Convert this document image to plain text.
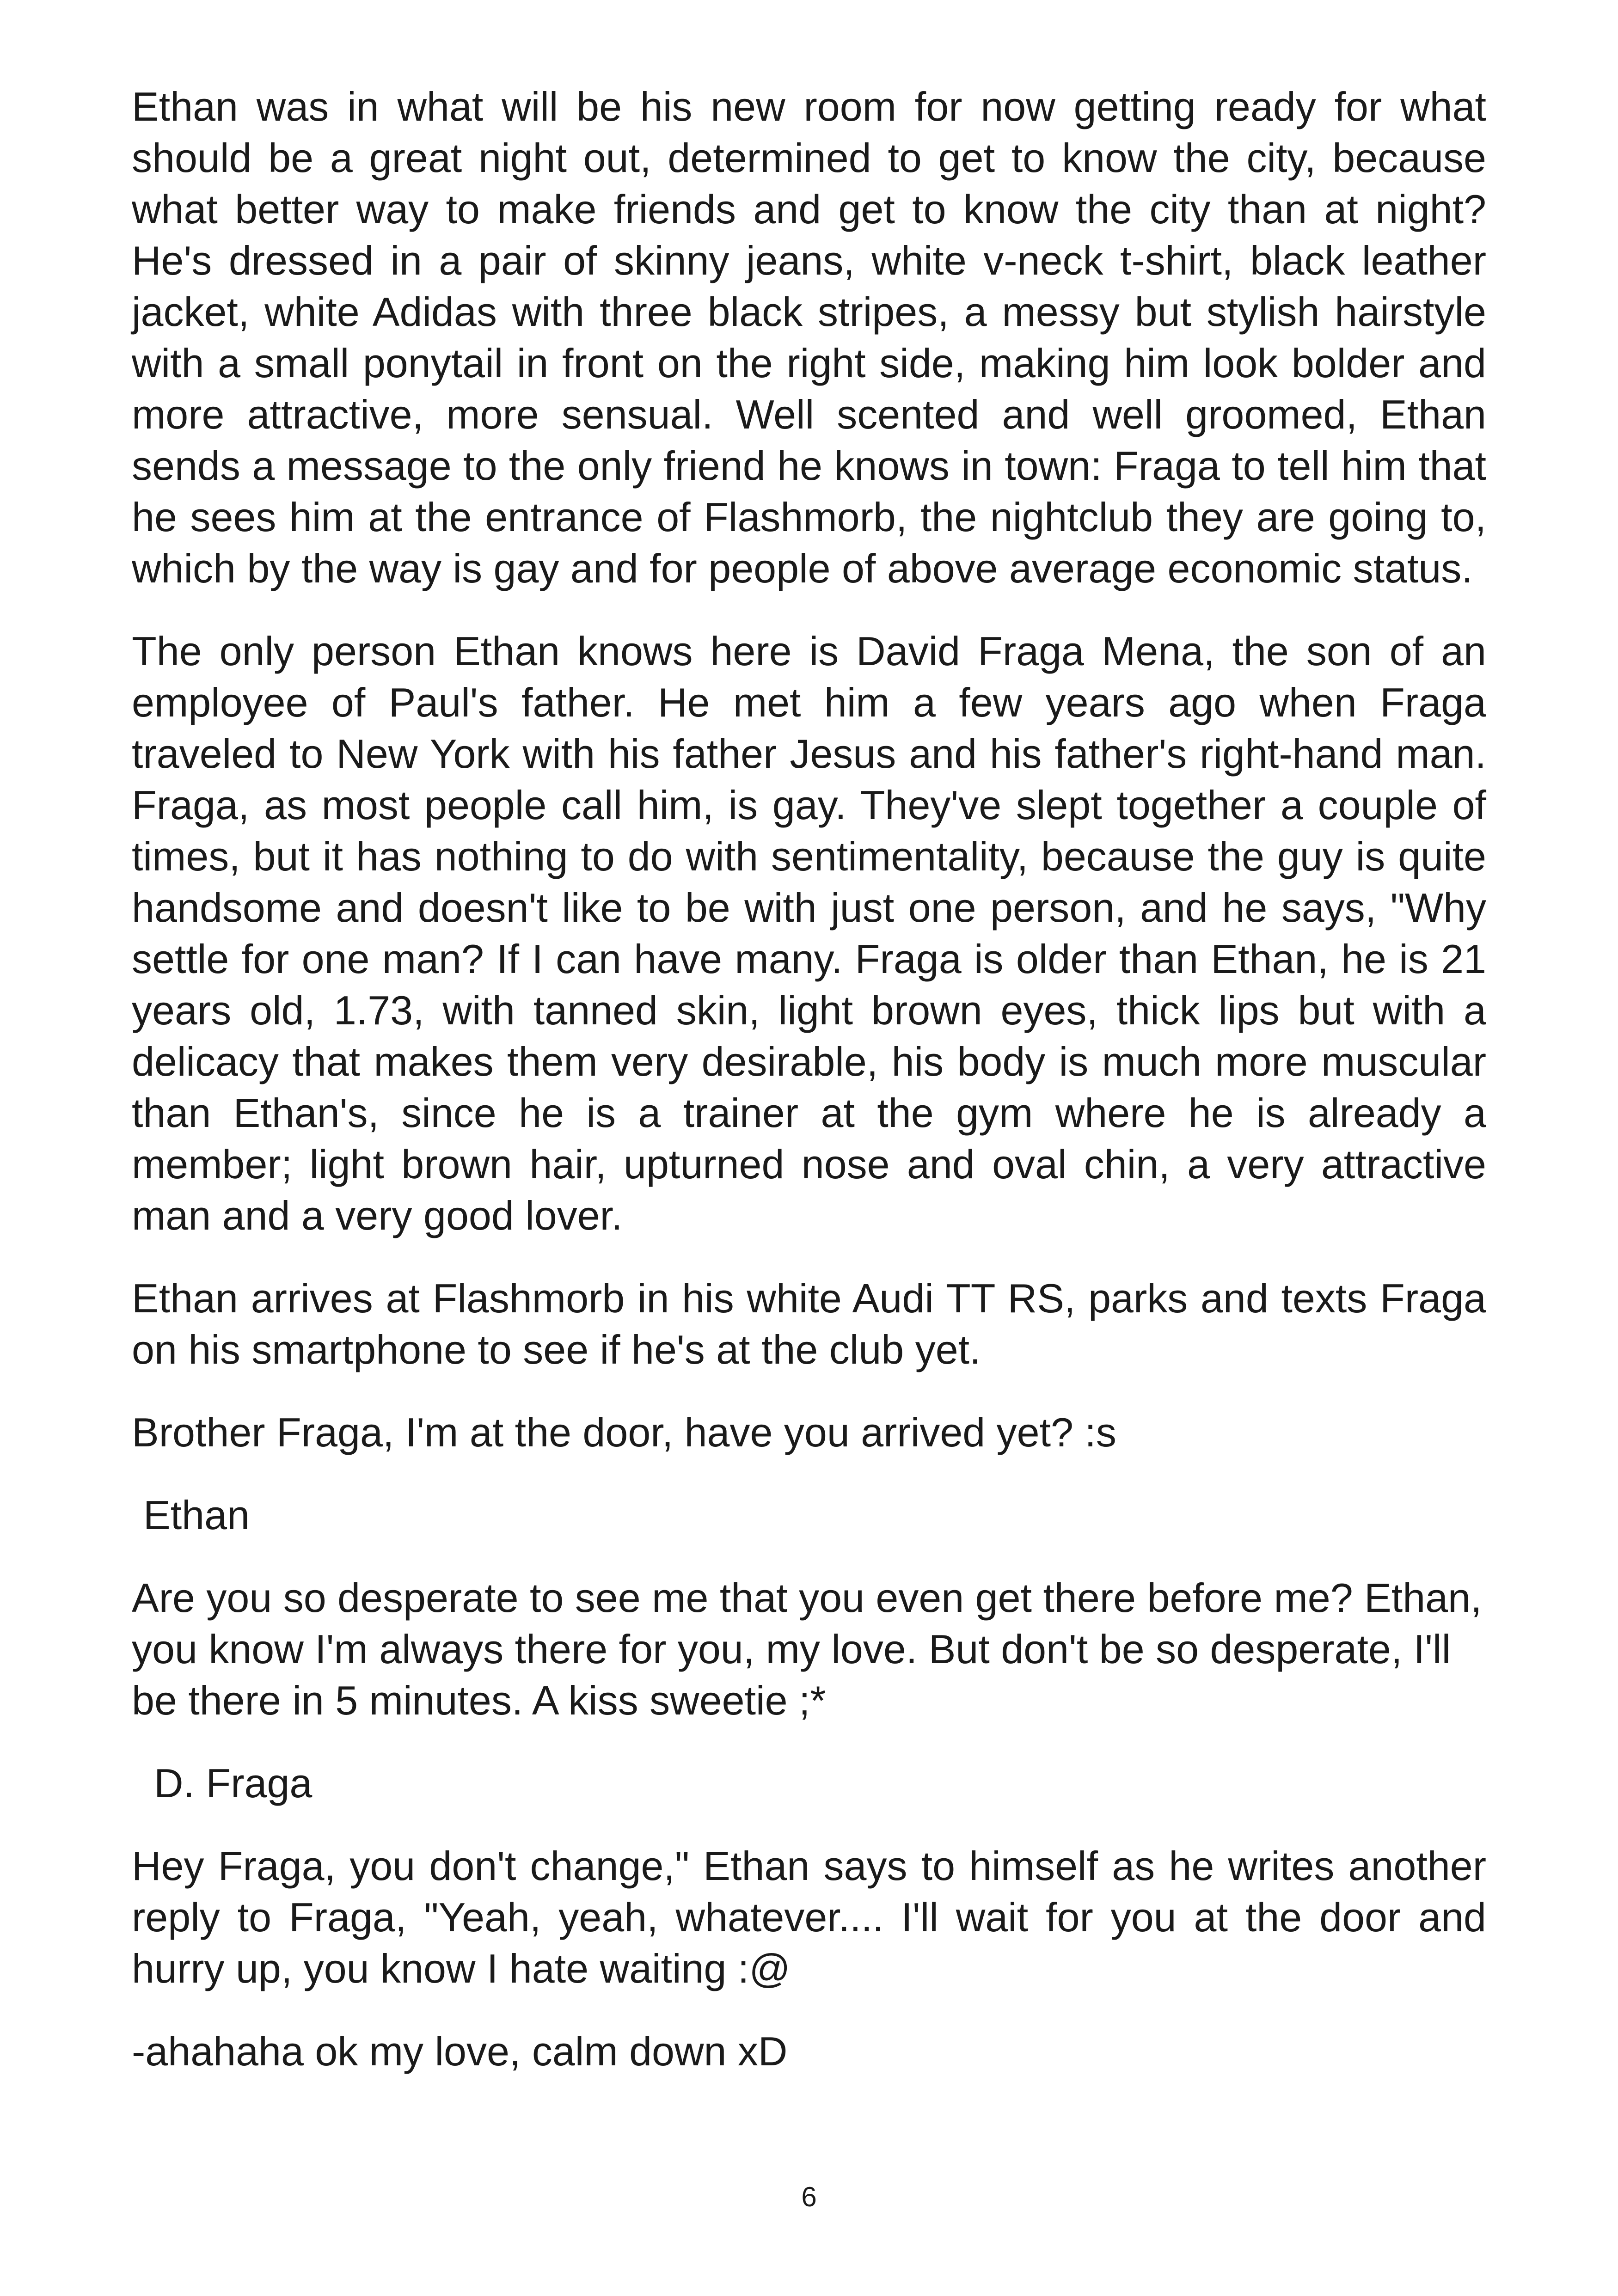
Ethan was in what will be his new room for now getting ready for what should be a great night out, determined to get to know the city, because what better way to make friends and get to know the city than at night? He's dressed in a pair of skinny jeans, white v-neck t-shirt, black leather jacket, white Adidas with three black stripes, a messy but stylish hairstyle with a small ponytail in front on the right side, making him look bolder and more attractive, more sensual. Well scented and well groomed, Ethan sends a message to the only friend he knows in town: Fraga to tell him that he sees him at the entrance of Flashmorb, the nightclub they are going to, which by the way is gay and for people of above average economic status.

The only person Ethan knows here is David Fraga Mena, the son of an employee of Paul's father. He met him a few years ago when Fraga traveled to New York with his father Jesus and his father's right-hand man. Fraga, as most people call him, is gay. They've slept together a couple of times, but it has nothing to do with sentimentality, because the guy is quite handsome and doesn't like to be with just one person, and he says, "Why settle for one man? If I can have many. Fraga is older than Ethan, he is 21 years old, 1.73, with tanned skin, light brown eyes, thick lips but with a delicacy that makes them very desirable, his body is much more muscular than Ethan's, since he is a trainer at the gym where he is already a member; light brown hair, upturned nose and oval chin, a very attractive man and a very good lover.

Ethan arrives at Flashmorb in his white Audi TT RS, parks and texts Fraga on his smartphone to see if he's at the club yet.

Brother Fraga, I'm at the door, have you arrived yet? :s

Ethan

Are you so desperate to see me that you even get there before me? Ethan, you know I'm always there for you, my love. But don't be so desperate, I'll be there in 5 minutes. A kiss sweetie ;*

D. Fraga

Hey Fraga, you don't change," Ethan says to himself as he writes another reply to Fraga, "Yeah, yeah, whatever.... I'll wait for you at the door and hurry up, you know I hate waiting :@

-ahahaha ok my love, calm down xD

6
